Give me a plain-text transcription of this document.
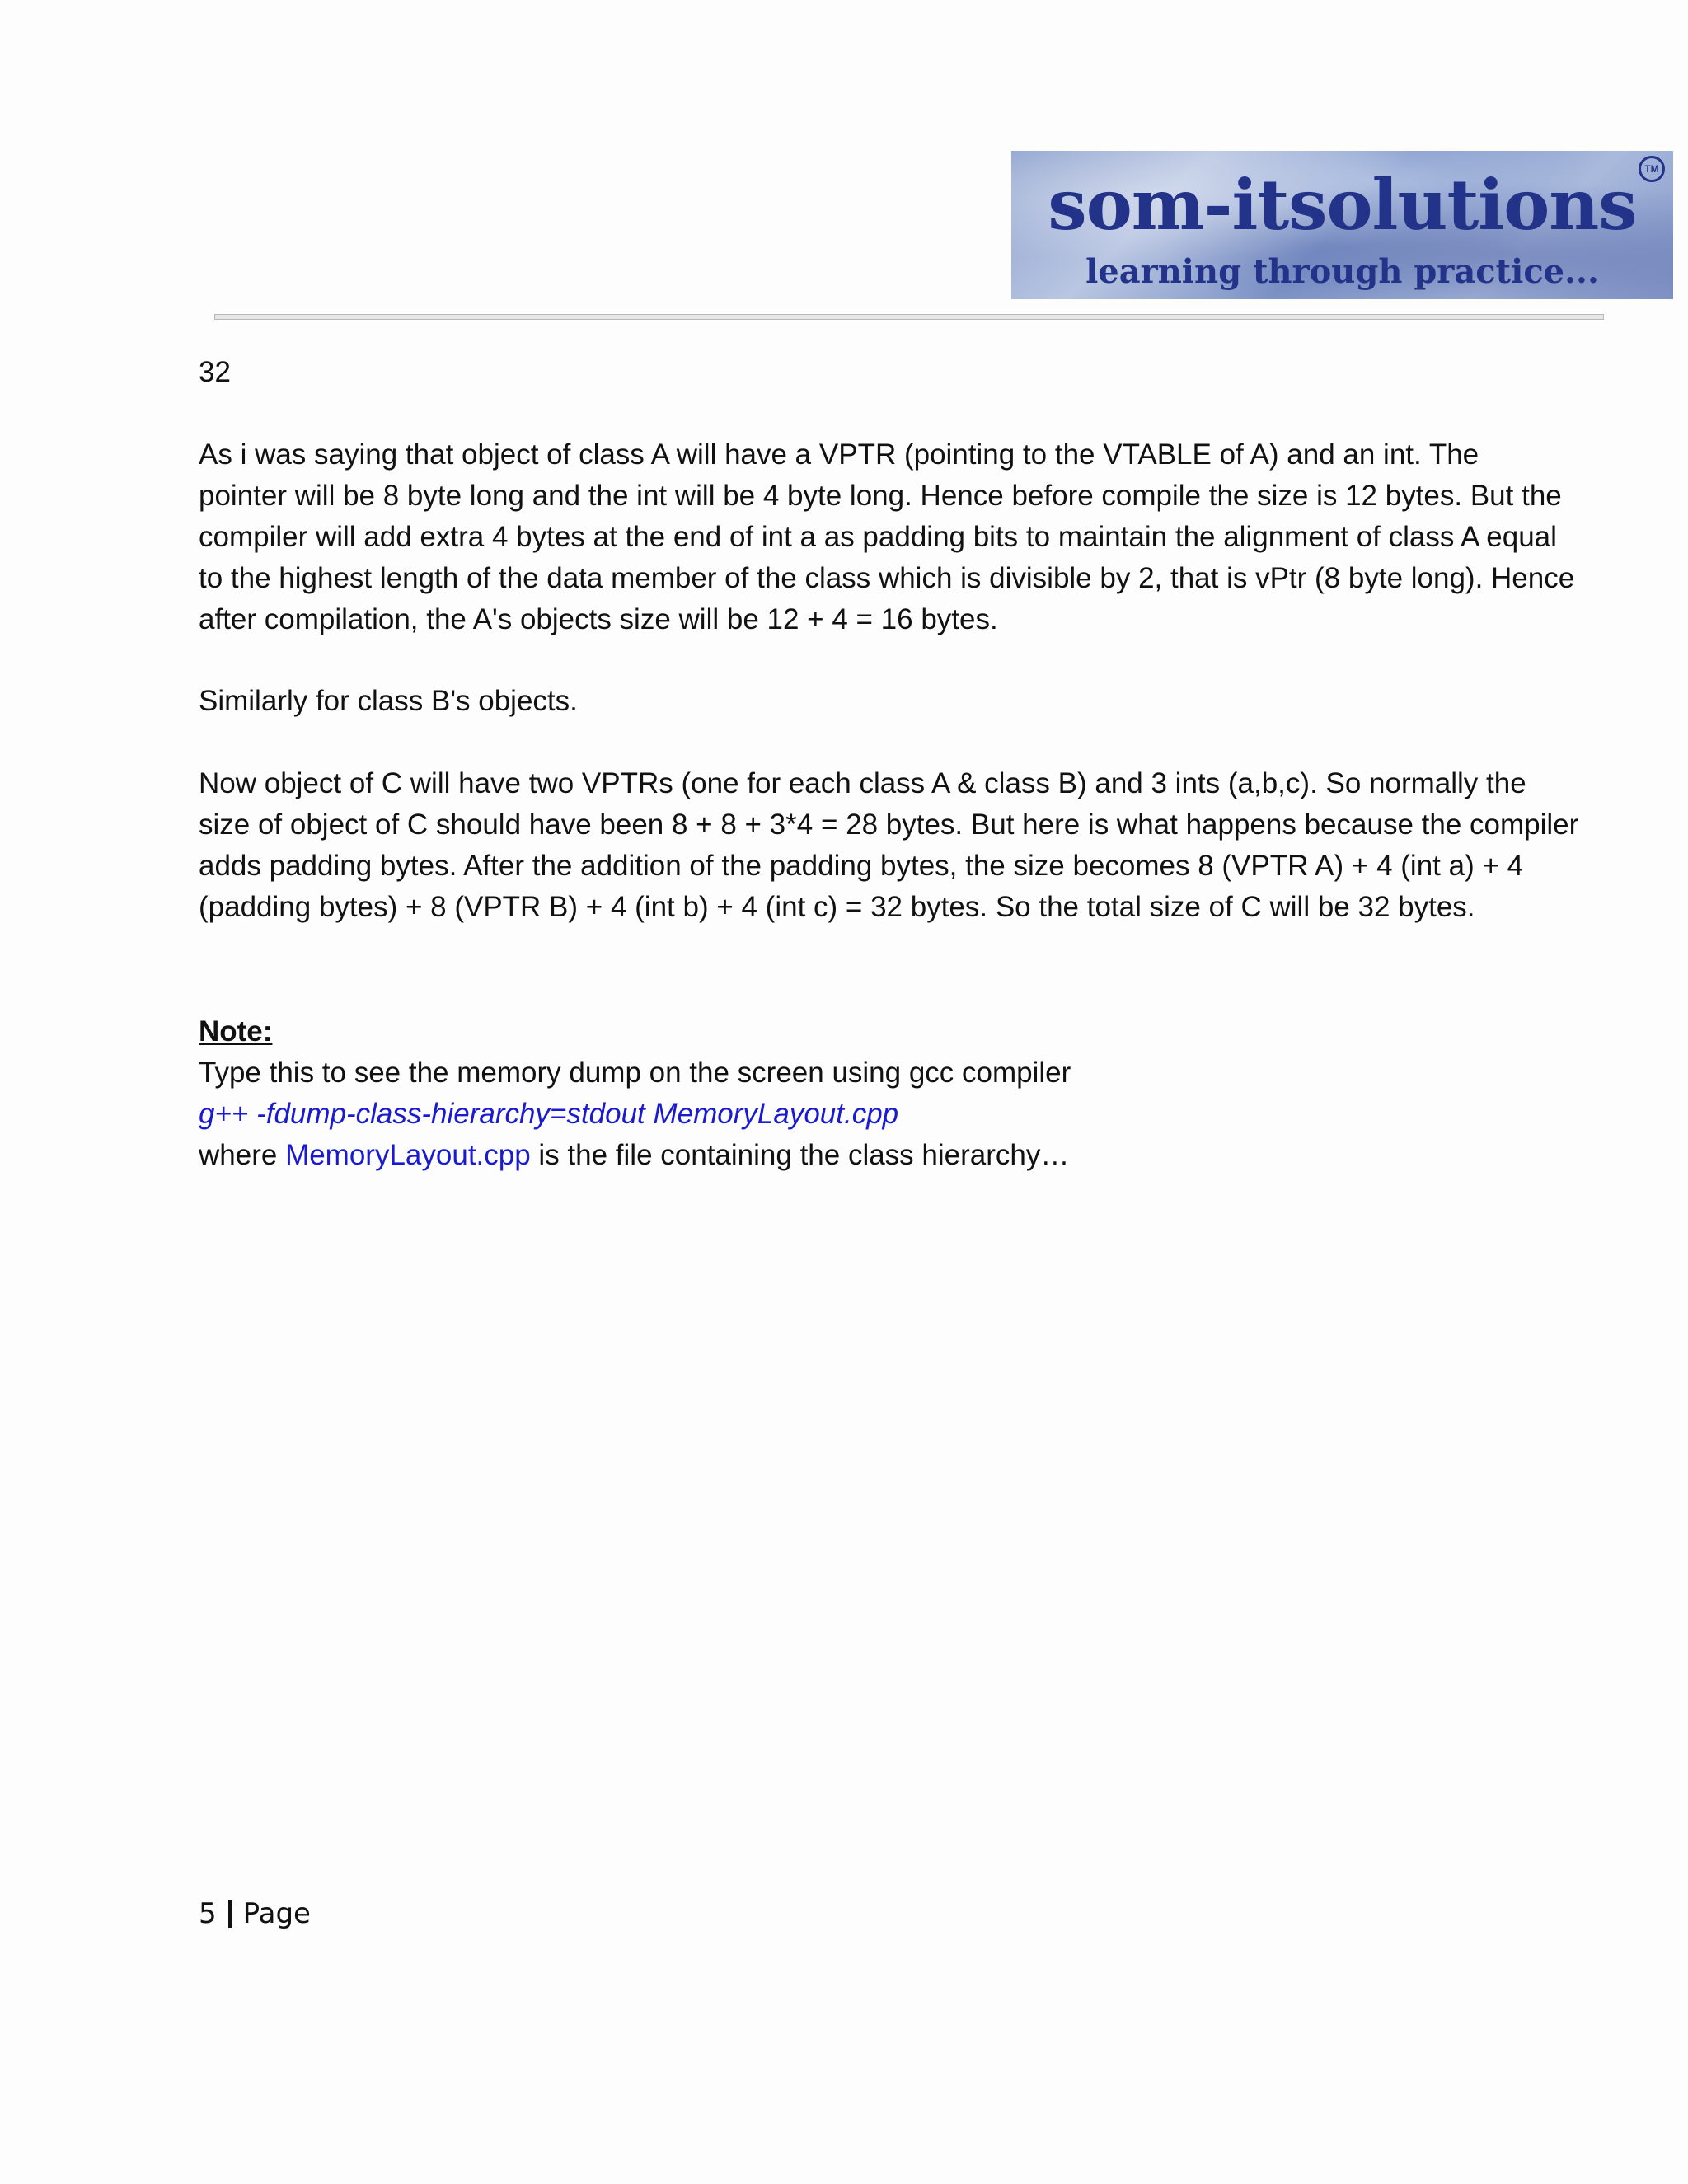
som-itsolutions
learning through practice...
TM

32

As i was saying that object of class A will have a VPTR (pointing to the VTABLE of A) and an int. The
pointer will be 8 byte long and the int will be 4 byte long. Hence before compile the size is 12 bytes. But the
compiler will add extra 4 bytes at the end of int a as padding bits to maintain the alignment of class A equal
to the highest length of the data member of the class which is divisible by 2, that is vPtr (8 byte long). Hence
after compilation, the A's objects size will be 12 + 4 = 16 bytes.

Similarly for class B's objects.

Now object of C will have two VPTRs (one for each class A & class B) and 3 ints (a,b,c). So normally the
size of object of C should have been 8 + 8 + 3*4 = 28 bytes. But here is what happens because the compiler
adds padding bytes. After the addition of the padding bytes, the size becomes 8 (VPTR A) + 4 (int a) + 4
(padding bytes) + 8 (VPTR B) + 4 (int b) + 4 (int c) = 32 bytes. So the total size of C will be 32 bytes.

Note:

Type this to see the memory dump on the screen using gcc compiler

g++ -fdump-class-hierarchy=stdout MemoryLayout.cpp

where MemoryLayout.cpp is the file containing the class hierarchy…

5 Page
